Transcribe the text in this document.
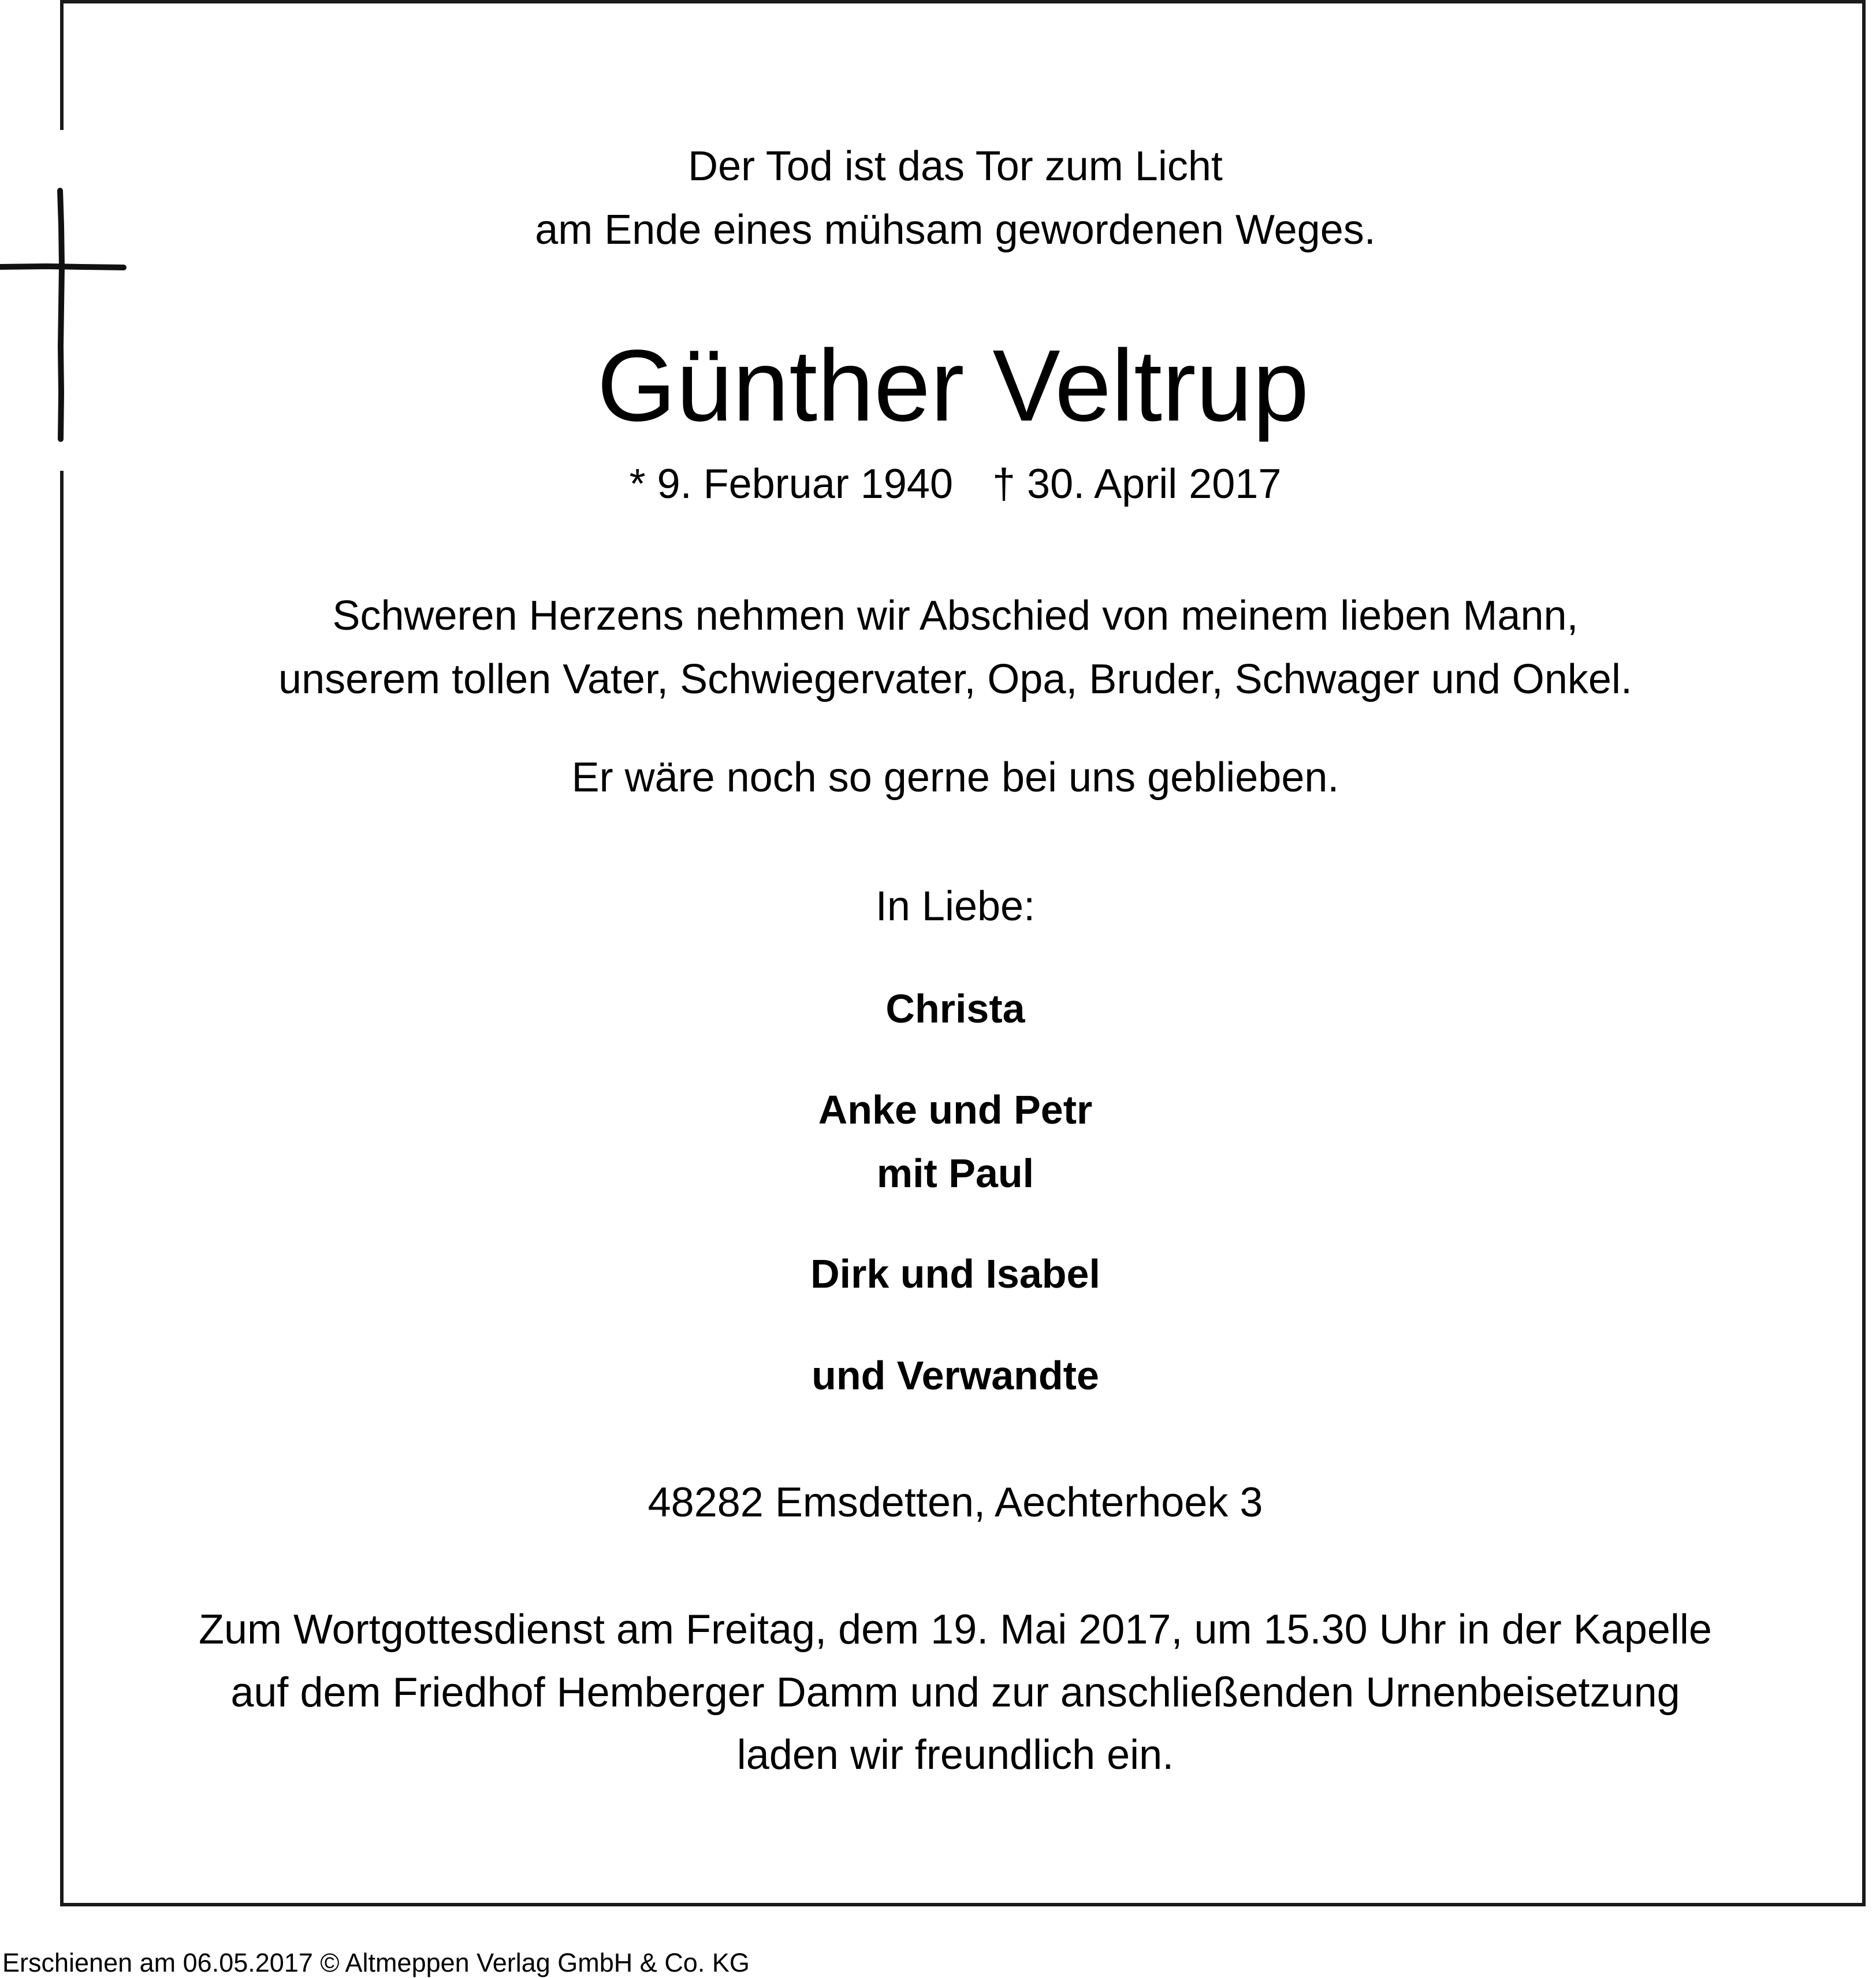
Der Tod ist das Tor zum Licht
am Ende eines mühsam gewordenen Weges.
Günther Veltrup
* 9. Februar 1940 † 30. April 2017
Schweren Herzens nehmen wir Abschied von meinem lieben Mann,
unserem tollen Vater, Schwiegervater, Opa, Bruder, Schwager und Onkel.
Er wäre noch so gerne bei uns geblieben.
In Liebe:
Christa
Anke und Petr
mit Paul
Dirk und Isabel
und Verwandte
48282 Emsdetten, Aechterhoek 3
Zum Wortgottesdienst am Freitag, dem 19. Mai 2017, um 15.30 Uhr in der Kapelle
auf dem Friedhof Hemberger Damm und zur anschließenden Urnenbeisetzung
laden wir freundlich ein.
Erschienen am 06.05.2017 © Altmeppen Verlag GmbH & Co. KG
